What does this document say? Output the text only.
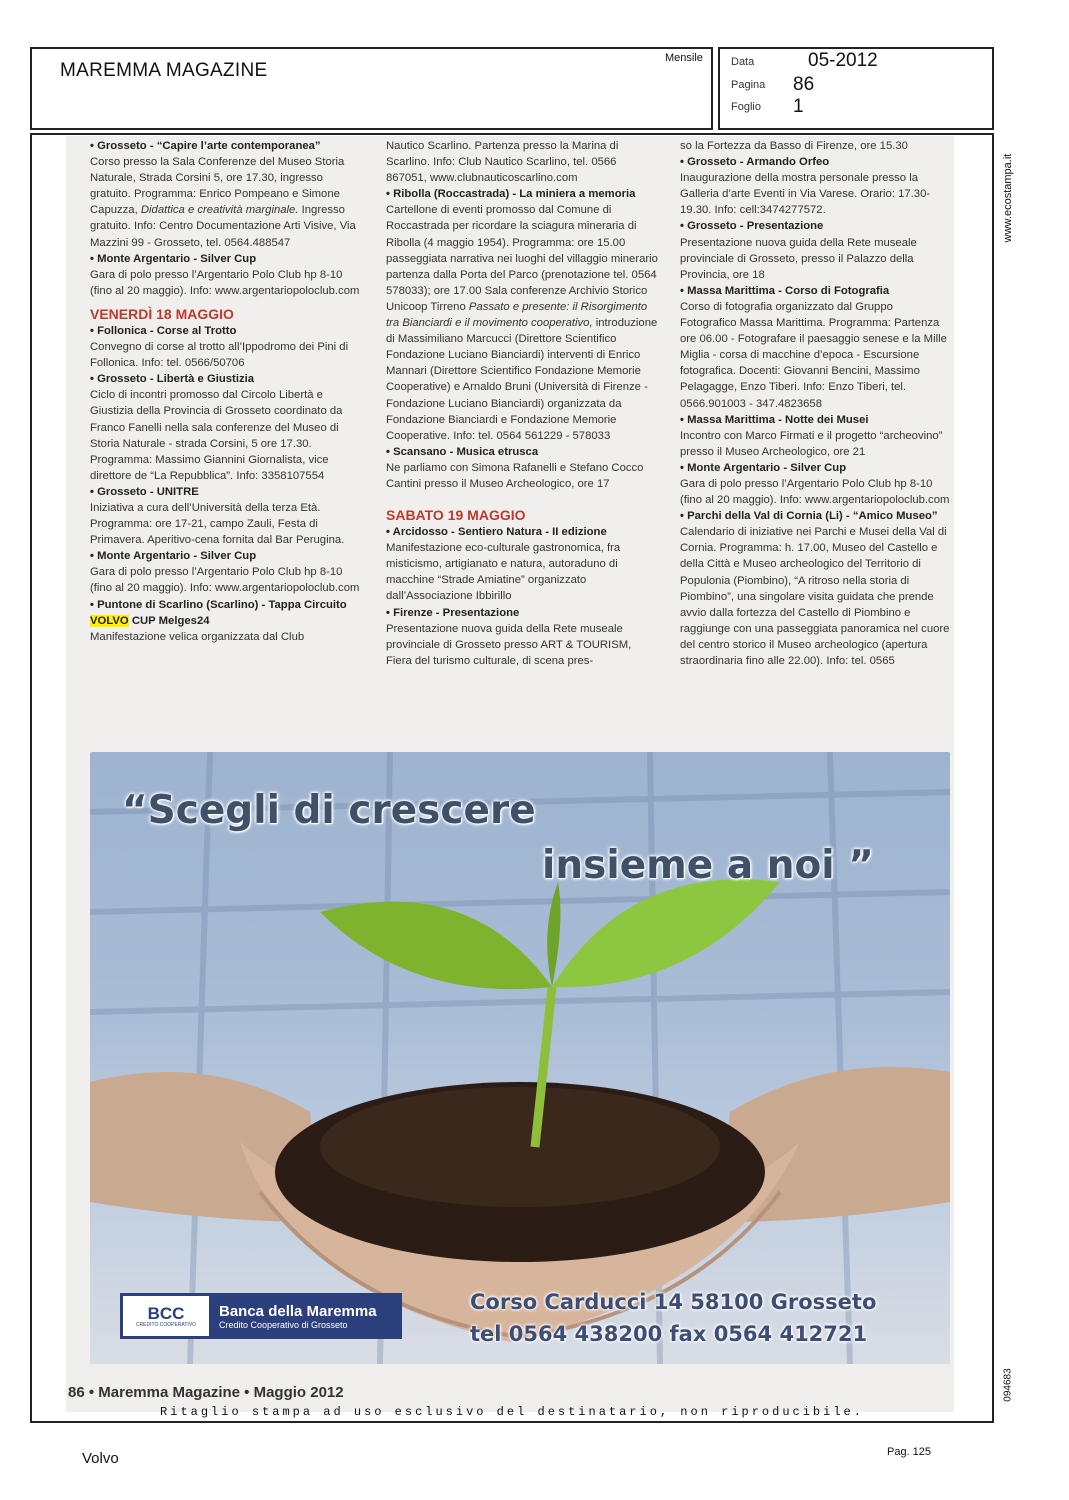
MAREMMA MAGAZINE
Mensile	Data	05-2012
Pagina 86
Foglio 1
www.ecostampa.it
094683

• Grosseto - “Capire l’arte contemporanea”

Corso presso la Sala Conferenze del Museo Storia Naturale, Strada Corsini 5, ore 17.30, ingresso gratuito. Programma: Enrico Pompeano e Simone Capuzza, Didattica e creatività marginale. Ingresso gratuito. Info: Centro Documentazione Arti Visive, Via Mazzini 99 - Grosseto, tel. 0564.488547

• Monte Argentario - Silver Cup

Gara di polo presso l’Argentario Polo Club hp 8-10 (fino al 20 maggio). Info: www.argentariopoloclub.com

VENERDÌ 18 MAGGIO

• Follonica - Corse al Trotto

Convegno di corse al trotto all’Ippodromo dei Pini di Follonica. Info: tel. 0566/50706

• Grosseto - Libertà e Giustizia

Ciclo di incontri promosso dal Circolo Libertà e Giustizia della Provincia di Grosseto coordinato da Franco Fanelli nella sala conferenze del Museo di Storia Naturale - strada Corsini, 5 ore 17.30. Programma: Massimo Giannini Giornalista, vice direttore de “La Repubblica”. Info: 3358107554

• Grosseto - UNITRE

Iniziativa a cura dell’Università della terza Età. Programma: ore 17-21, campo Zauli, Festa di Primavera. Aperitivo-cena fornita dal Bar Perugina.

• Monte Argentario - Silver Cup

Gara di polo presso l’Argentario Polo Club hp 8-10 (fino al 20 maggio). Info: www.argentariopoloclub.com

• Puntone di Scarlino (Scarlino) - Tappa Circuito VOLVO CUP Melges24

Manifestazione velica organizzata dal Club

Nautico Scarlino. Partenza presso la Marina di Scarlino. Info: Club Nautico Scarlino, tel. 0566 867051, www.clubnauticoscarlino.com

• Ribolla (Roccastrada) - La miniera a memoria

Cartellone di eventi promosso dal Comune di Roccastrada per ricordare la sciagura mineraria di Ribolla (4 maggio 1954). Programma: ore 15.00 passeggiata narrativa nei luoghi del villaggio minerario partenza dalla Porta del Parco (prenotazione tel. 0564 578033); ore 17.00 Sala conferenze Archivio Storico Unicoop Tirreno Passato e presente: il Risorgimento tra Bianciardi e il movimento cooperativo, introduzione di Massimiliano Marcucci (Direttore Scientifico Fondazione Luciano Bianciardi) interventi di Enrico Mannari (Direttore Scientifico Fondazione Memorie Cooperative) e Arnaldo Bruni (Università di Firenze - Fondazione Luciano Bianciardi) organizzata da Fondazione Bianciardi e Fondazione Memorie Cooperative. Info: tel. 0564 561229 - 578033

• Scansano - Musica etrusca

Ne parliamo con Simona Rafanelli e Stefano Cocco Cantini presso il Museo Archeologico, ore 17

SABATO 19 MAGGIO

• Arcidosso - Sentiero Natura - II edizione

Manifestazione eco-culturale gastronomica, fra misticismo, artigianato e natura, autoraduno di macchine “Strade Amiatine” organizzato dall’Associazione Ibbirillo

• Firenze - Presentazione

Presentazione nuova guida della Rete museale provinciale di Grosseto presso ART & TOURISM, Fiera del turismo culturale, di scena pres-

so la Fortezza da Basso di Firenze, ore 15.30

• Grosseto - Armando Orfeo

Inaugurazione della mostra personale presso la Galleria d’arte Eventi in Via Varese. Orario: 17.30-19.30. Info: cell:3474277572.

• Grosseto - Presentazione

Presentazione nuova guida della Rete museale provinciale di Grosseto, presso il Palazzo della Provincia, ore 18

• Massa Marittima - Corso di Fotografia

Corso di fotografia organizzato dal Gruppo Fotografico Massa Marittima. Programma: Partenza ore 06.00 - Fotografare il paesaggio senese e la Mille Miglia - corsa di macchine d’epoca - Escursione fotografica. Docenti: Giovanni Bencini, Massimo Pelagagge, Enzo Tiberi. Info: Enzo Tiberi, tel. 0566.901003 - 347.4823658

• Massa Marittima - Notte dei Musei

Incontro con Marco Firmati e il progetto “archeovino” presso il Museo Archeologico, ore 21

• Monte Argentario - Silver Cup

Gara di polo presso l’Argentario Polo Club hp 8-10 (fino al 20 maggio). Info: www.argentariopoloclub.com

• Parchi della Val di Cornia (Li) - “Amico Museo”

Calendario di iniziative nei Parchi e Musei della Val di Cornia. Programma: h. 17.00, Museo del Castello e della Città e Museo archeologico del Territorio di Populonia (Piombino), “A ritroso nella storia di Piombino”, una singolare visita guidata che prende avvio dalla fortezza del Castello di Piombino e raggiunge con una passeggiata panoramica nel cuore del centro storico il Museo archeologico (apertura straordinaria fino alle 22.00). Info: tel. 0565

“Scegli di crescere
insieme a noi ”
Corso Carducci 14 58100 Grosseto
tel 0564 438200 fax 0564 412721
BCC
CREDITO COOPERATIVO
Banca della Maremma
Credito Cooperativo di Grosseto
86 • Maremma Magazine • Maggio 2012
Ritaglio stampa ad uso esclusivo del destinatario, non riproducibile.
Volvo	Pag. 125
